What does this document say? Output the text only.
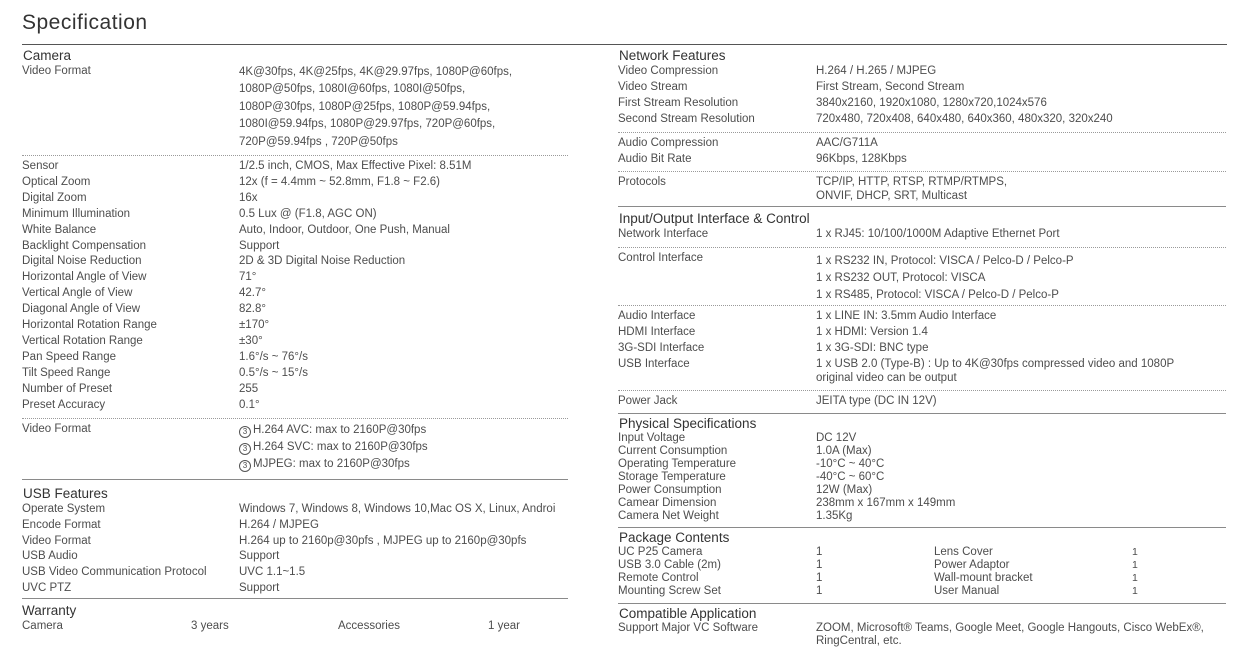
Specification
Camera
Video Format	4K@30fps, 4K@25fps, 4K@29.97fps, 1080P@60fps,
1080P@50fps, 1080I@60fps, 1080I@50fps,
1080P@30fps, 1080P@25fps, 1080P@59.94fps,
1080I@59.94fps, 1080P@29.97fps, 720P@60fps,
720P@59.94fps , 720P@50fps
Sensor	1/2.5 inch, CMOS, Max Effective Pixel: 8.51M
Optical Zoom	12x (f = 4.4mm ~ 52.8mm, F1.8 ~ F2.6)
Digital Zoom	16x
Minimum Illumination	0.5 Lux @ (F1.8, AGC ON)
White Balance	Auto, Indoor, Outdoor, One Push, Manual
Backlight Compensation	Support
Digital Noise Reduction	2D & 3D Digital Noise Reduction
Horizontal Angle of View	71°
Vertical Angle of View	42.7°
Diagonal Angle of View	82.8°
Horizontal Rotation Range	±170°
Vertical Rotation Range	±30°
Pan Speed Range	1.6°/s ~ 76°/s
Tilt Speed Range	0.5°/s ~ 15°/s
Number of Preset	255
Preset Accuracy	0.1°
Video Format	3 H.264 AVC: max to 2160P@30fps
3 H.264 SVC: max to 2160P@30fps
3 MJPEG: max to 2160P@30fps
USB Features
Operate System	Windows 7, Windows 8, Windows 10,Mac OS X, Linux, Androi
Encode Format	H.264 / MJPEG
Video Format	H.264 up to 2160p@30pfs , MJPEG up to 2160p@30pfs
USB Audio	Support
USB Video Communication Protocol	UVC 1.1~1.5
UVC PTZ	Support
Warranty
Camera	3 years	Accessories	1 year
Network Features
Video Compression	H.264 / H.265 / MJPEG
Video Stream	First Stream, Second Stream
First Stream Resolution	3840x2160, 1920x1080, 1280x720,1024x576
Second Stream Resolution	720x480, 720x408, 640x480, 640x360, 480x320, 320x240
Audio Compression	AAC/G711A
Audio Bit Rate	96Kbps, 128Kbps
Protocols	TCP/IP, HTTP, RTSP, RTMP/RTMPS,
ONVIF, DHCP, SRT, Multicast
Input/Output Interface & Control
Network Interface	1 x RJ45: 10/100/1000M Adaptive Ethernet Port
Control Interface	1 x RS232 IN, Protocol: VISCA / Pelco-D / Pelco-P
1 x RS232 OUT, Protocol: VISCA
1 x RS485, Protocol: VISCA / Pelco-D / Pelco-P
Audio Interface	1 x LINE IN: 3.5mm Audio Interface
HDMI Interface	1 x HDMI: Version 1.4
3G-SDI Interface	1 x 3G-SDI: BNC type
USB Interface	1 x USB 2.0 (Type-B) : Up to 4K@30fps compressed video and 1080P
original video can be output
Power Jack	JEITA type (DC IN 12V)
Physical Specifications
Input Voltage	DC 12V
Current Consumption	1.0A (Max)
Operating Temperature	-10°C ~ 40°C
Storage Temperature	-40°C ~ 60°C
Power Consumption	12W (Max)
Camear Dimension	238mm x 167mm x 149mm
Camera Net Weight	1.35Kg
Package Contents
UC P25 Camera	1	Lens Cover	1
USB 3.0 Cable (2m)	1	Power Adaptor	1
Remote Control	1	Wall-mount bracket	1
Mounting Screw Set	1	User Manual	1
Compatible Application
Support Major VC Software	ZOOM, Microsoft® Teams, Google Meet, Google Hangouts, Cisco WebEx®,
RingCentral, etc.
